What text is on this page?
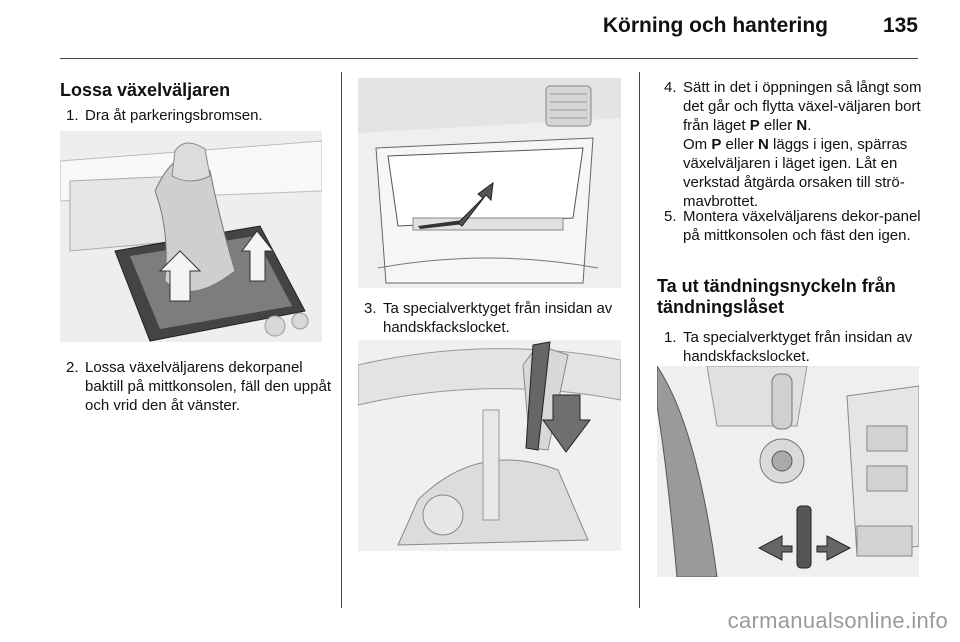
Körning och hantering	135
Lossa växelväljaren
1. Dra åt parkeringsbromsen.
2. Lossa växelväljarens dekorpanel baktill på mittkonsolen, fäll den uppåt och vrid den åt vänster.
3. Ta specialverktyget från insidan av handskfackslocket.
4. Sätt in det i öppningen så långt som det går och flytta växel-väljaren bort från läget P eller N.
Om P eller N läggs i igen, spärras växelväljaren i läget igen. Låt en verkstad åtgärda orsaken till strö-mavbrottet.
5. Montera växelväljarens dekor-panel på mittkonsolen och fäst den igen.
Ta ut tändningsnyckeln från tändningslåset
1. Ta specialverktyget från insidan av handskfackslocket.
carmanualsonline.info
